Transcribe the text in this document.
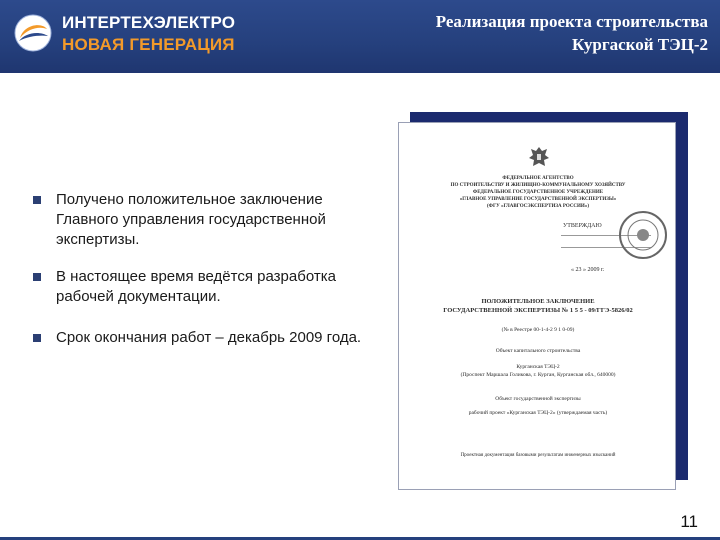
ИНТЕРТЕХЭЛЕКТРО
НОВАЯ ГЕНЕРАЦИЯ
Реализация проекта строительства
Кургаской ТЭЦ-2
Получено положительное заключение Главного управления государственной экспертизы.
В настоящее время ведётся разработка рабочей документации.
Срок окончания работ – декабрь 2009 года.
ФЕДЕРАЛЬНОЕ АГЕНТСТВО
ПО СТРОИТЕЛЬСТВУ И ЖИЛИЩНО-КОММУНАЛЬНОМУ ХОЗЯЙСТВУ
ФЕДЕРАЛЬНОЕ ГОСУДАРСТВЕННОЕ УЧРЕЖДЕНИЕ
«ГЛАВНОЕ УПРАВЛЕНИЕ ГОСУДАРСТВЕННОЙ ЭКСПЕРТИЗЫ»
(ФГУ «ГЛАВГОСЭКСПЕРТИЗА РОССИИ»)
УТВЕРЖДАЮ
« 23 » 2009 г.
ПОЛОЖИТЕЛЬНОЕ ЗАКЛЮЧЕНИЕ
ГОСУДАРСТВЕННОЙ ЭКСПЕРТИЗЫ № 1 5 5 - 09/ГГЭ-5826/02
(№ в Реестре 00-1-4-2 9 1 0-09)
Объект капитального строительства
Курганская ТЭЦ-2
(Проспект Маршала Голикова, г. Курган, Курганская обл., 640000)
Объект государственной экспертизы
рабочий проект «Курганская ТЭЦ-2» (утверждаемая часть)
Проектная документация базовыми результатам инженерных изысканий
11
